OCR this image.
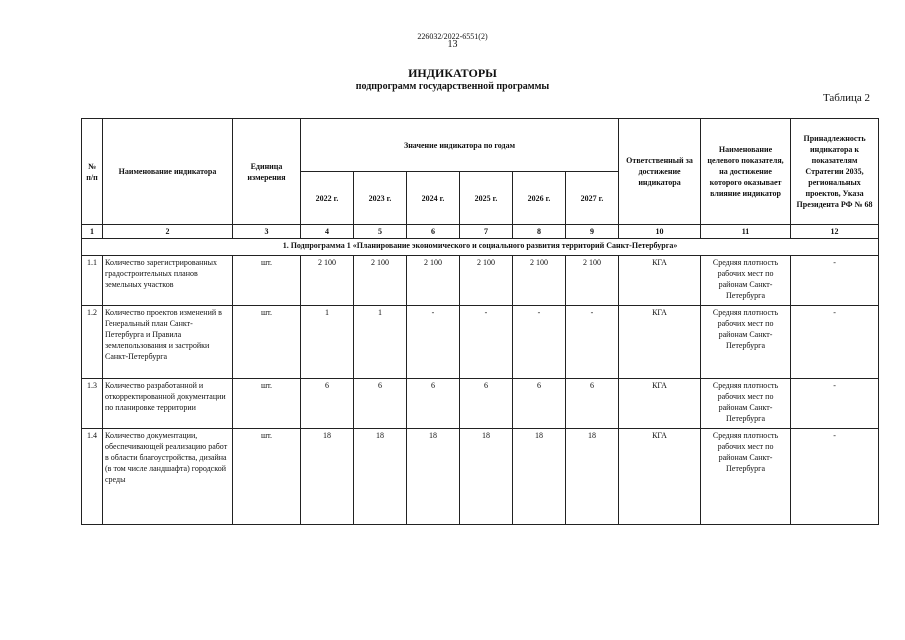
226032/2022-6551(2)
13
ИНДИКАТОРЫ
подпрограмм государственной программы
Таблица 2
№ п/п	Наименование индикатора	Единица измерения	Значение индикатора по годам						Ответственный за достижение индикатора	Наименование целевого показателя, на достижение которого оказывает влияние индикатор	Принадлежность индикатора к показателям Стратегии 2035, региональных проектов, Указа Президента РФ № 68
			2022 г.	2023 г.	2024 г.	2025 г.	2026 г.	2027 г.			
1	2	3	4	5	6	7	8	9	10	11	12
1. Подпрограмма 1 «Планирование экономического и социального развития территорий Санкт-Петербурга»											
1.1	Количество зарегистрированных градостроительных планов земельных участков	шт.	2 100	2 100	2 100	2 100	2 100	2 100	КГА	Средняя плотность рабочих мест по районам Санкт-Петербурга	-
1.2	Количество проектов изменений в Генеральный план Санкт-Петербурга и Правила землепользования и застройки Санкт-Петербурга	шт.	1	1	-	-	-	-	КГА	Средняя плотность рабочих мест по районам Санкт-Петербурга	-
1.3	Количество разработанной и откорректированной документации по планировке территории	шт.	6	6	6	6	6	6	КГА	Средняя плотность рабочих мест по районам Санкт-Петербурга	-
1.4	Количество документации, обеспечивающей реализацию работ в области благоустройства, дизайна (в том числе ландшафта) городской среды	шт.	18	18	18	18	18	18	КГА	Средняя плотность рабочих мест по районам Санкт-Петербурга	-
